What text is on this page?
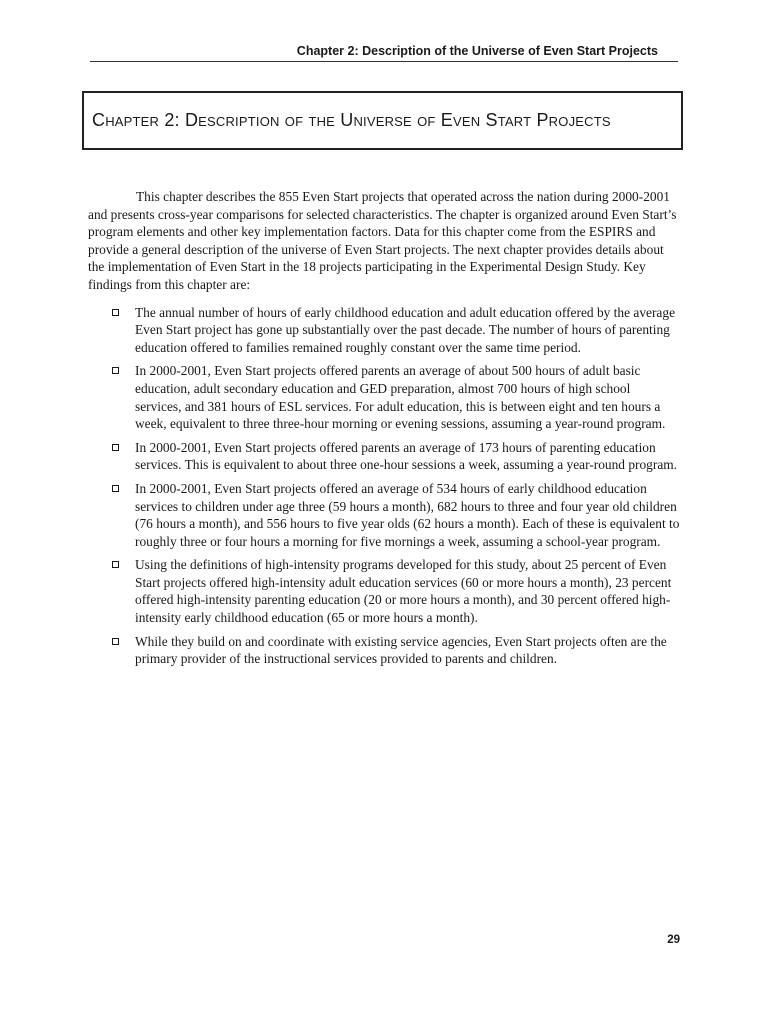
Chapter 2: Description of the Universe of Even Start Projects
Chapter 2: Description of the Universe of Even Start Projects

This chapter describes the 855 Even Start projects that operated across the nation during 2000-2001 and presents cross-year comparisons for selected characteristics. The chapter is organized around Even Start’s program elements and other key implementation factors. Data for this chapter come from the ESPIRS and provide a general description of the universe of Even Start projects. The next chapter provides details about the implementation of Even Start in the 18 projects participating in the Experimental Design Study. Key findings from this chapter are:

The annual number of hours of early childhood education and adult education offered by the average Even Start project has gone up substantially over the past decade. The number of hours of parenting education offered to families remained roughly constant over the same time period.
In 2000-2001, Even Start projects offered parents an average of about 500 hours of adult basic education, adult secondary education and GED preparation, almost 700 hours of high school services, and 381 hours of ESL services. For adult education, this is between eight and ten hours a week, equivalent to three three-hour morning or evening sessions, assuming a year-round program.
In 2000-2001, Even Start projects offered parents an average of 173 hours of parenting education services. This is equivalent to about three one-hour sessions a week, assuming a year-round program.
In 2000-2001, Even Start projects offered an average of 534 hours of early childhood education services to children under age three (59 hours a month), 682 hours to three and four year old children (76 hours a month), and 556 hours to five year olds (62 hours a month). Each of these is equivalent to roughly three or four hours a morning for five mornings a week, assuming a school-year program.
Using the definitions of high-intensity programs developed for this study, about 25 percent of Even Start projects offered high-intensity adult education services (60 or more hours a month), 23 percent offered high-intensity parenting education (20 or more hours a month), and 30 percent offered high-intensity early childhood education (65 or more hours a month).
While they build on and coordinate with existing service agencies, Even Start projects often are the primary provider of the instructional services provided to parents and children.
29
